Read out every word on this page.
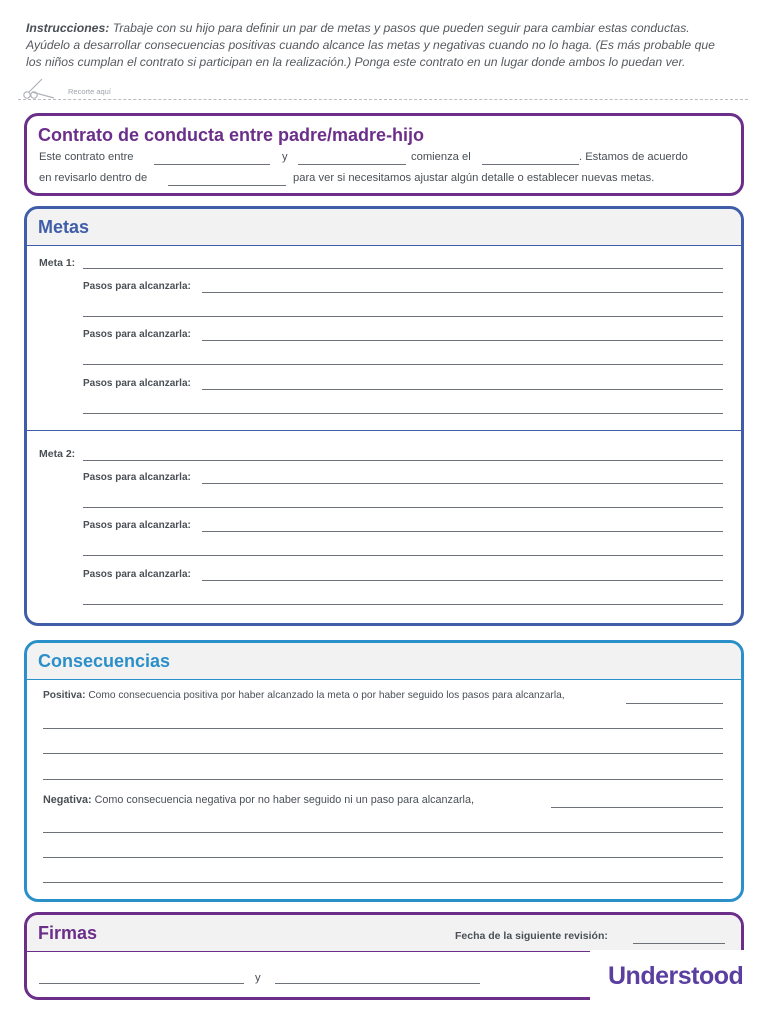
Instrucciones: Trabaje con su hijo para definir un par de metas y pasos que pueden seguir para cambiar estas conductas.
Ayúdelo a desarrollar consecuencias positivas cuando alcance las metas y negativas cuando no lo haga. (Es más probable que
los niños cumplan el contrato si participan en la realización.) Ponga este contrato en un lugar donde ambos lo puedan ver.
Recorte aquí
Contrato de conducta entre padre/madre-hijo
Este contrato entre	y	comienza el	. Estamos de acuerdo
en revisarlo dentro de	para ver si necesitamos ajustar algún detalle o establecer nuevas metas.
Metas
Meta 1:
Pasos para alcanzarla:
Pasos para alcanzarla:
Pasos para alcanzarla:
Meta 2:
Pasos para alcanzarla:
Pasos para alcanzarla:
Pasos para alcanzarla:
Consecuencias
Positiva: Como consecuencia positiva por haber alcanzado la meta o por haber seguido los pasos para alcanzarla,
Negativa: Como consecuencia negativa por no haber seguido ni un paso para alcanzarla,
Firmas	Fecha de la siguiente revisión:
y	Understood
